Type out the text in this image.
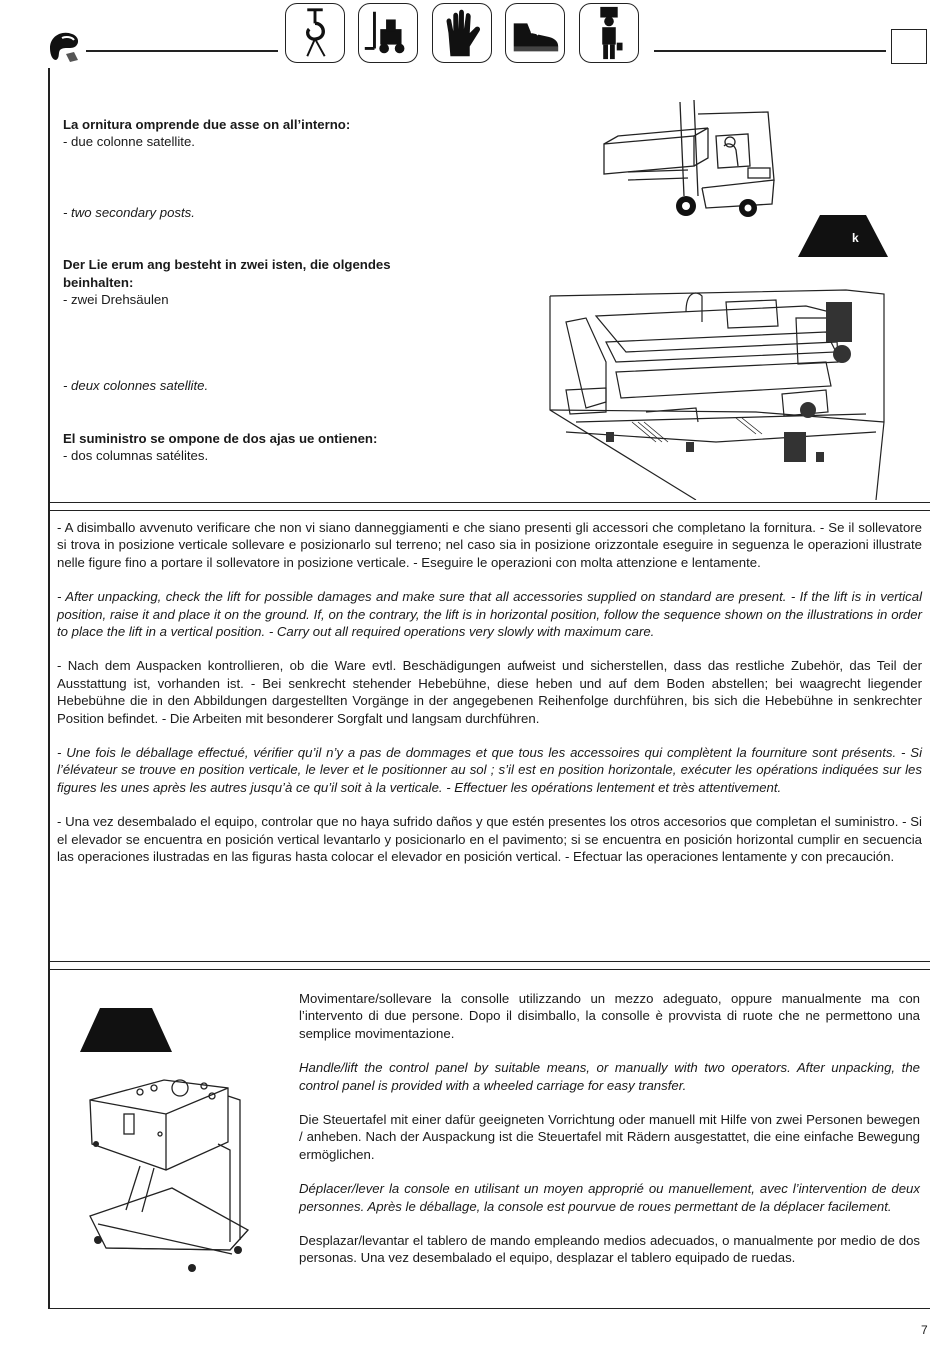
La ornitura omprende due asse on all’interno:

- due colonne satellite.

- two secondary posts.

Der Lie erum ang besteht in zwei isten, die olgendes

beinhalten:

- zwei Drehsäulen

- deux colonnes satellite.

El suministro se ompone de dos ajas ue ontienen:

- dos columnas satélites.

k

- A disimballo avvenuto verificare che non vi siano danneggiamenti e che siano presenti gli accessori che completano la fornitura. - Se il sollevatore si trova in posizione verticale sollevare e posizionarlo sul terreno; nel caso sia in posizione orizzontale eseguire in seguenza le operazioni illustrate nelle figure fino a portare il sollevatore in posizione verticale. - Eseguire le operazioni con molta attenzione e lentamente.

- After unpacking, check the lift for possible damages and make sure that all accessories supplied on standard are present. - If the lift is in vertical position, raise it and place it on the ground. If, on the contrary, the lift is in horizontal position, follow the sequence shown on the illustrations in order to place the lift in a vertical position. - Carry out all required operations very slowly with maximum care.

- Nach dem Auspacken kontrollieren, ob die Ware evtl. Beschädigungen aufweist und sicherstellen, dass das restliche Zubehör, das Teil der Ausstattung ist, vorhanden ist. - Bei senkrecht stehender Hebebühne, diese heben und auf dem Boden abstellen; bei waagrecht liegender Hebebühne die in den Abbildungen dargestellten Vorgänge in der angegebenen Reihenfolge durchführen, bis sich die Hebebühne in senkrechter Position befindet. - Die Arbeiten mit besonderer Sorgfalt und langsam durchführen.

- Une fois le déballage effectué, vérifier qu’il n’y a pas de dommages et que tous les accessoires qui complètent la fourniture sont présents. - Si l’élévateur se trouve en position verticale, le lever et le positionner au sol ; s’il est en position horizontale, exécuter les opérations indiquées sur les figures les unes après les autres jusqu’à ce qu’il soit à la verticale. - Effectuer les opérations lentement et très attentivement.

- Una vez desembalado el equipo, controlar que no haya sufrido daños y que estén presentes los otros accesorios que completan el suministro. - Si el elevador se encuentra en posición vertical levantarlo y posicionarlo en el pavimento; si se encuentra en posición horizontal cumplir en secuencia las operaciones ilustradas en las figuras hasta colocar el elevador en posición vertical. - Efectuar las operaciones lentamente y con precaución.

Movimentare/sollevare la consolle utilizzando un mezzo adeguato, oppure manualmente ma con l’intervento di due persone. Dopo il disimballo, la consolle è provvista di ruote che ne permettono una semplice movimentazione.

Handle/lift the control panel by suitable means, or manually with two operators. After unpacking, the control panel is provided with a wheeled carriage for easy transfer.

Die Steuertafel mit einer dafür geeigneten Vorrichtung oder manuell mit Hilfe von zwei Personen bewegen / anheben. Nach der Auspackung ist die Steuertafel mit Rädern ausgestattet, die eine einfache Bewegung ermöglichen.

Déplacer/lever la console en utilisant un moyen approprié ou manuellement, avec l’intervention de deux personnes. Après le déballage, la console est pourvue de roues permettant de la déplacer facilement.

Desplazar/levantar el tablero de mando empleando medios adecuados, o manualmente por medio de dos personas. Una vez desembalado el equipo, desplazar el tablero equipado de ruedas.

7
